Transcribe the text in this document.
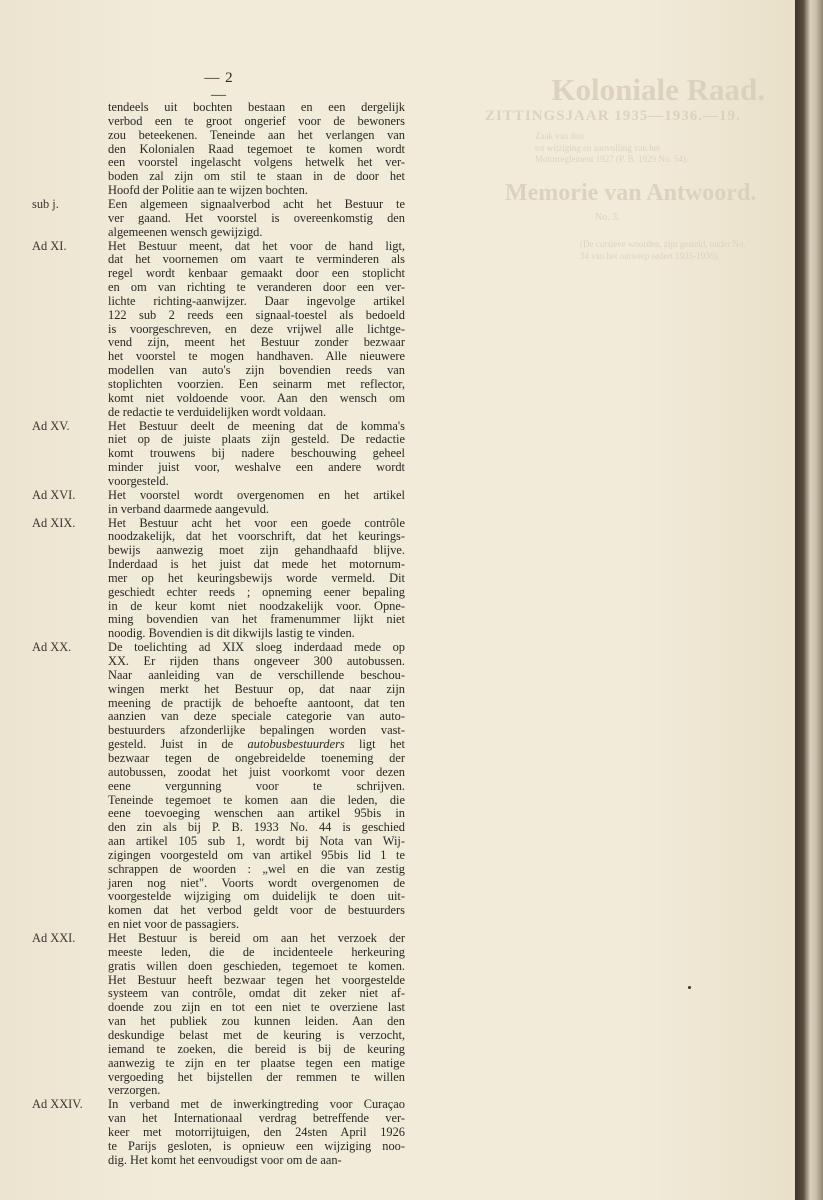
Koloniale Raad.
ZITTINGSJAAR 1935—1936.—19.
Zaak van den
tot wijziging en aanvulling van het
Motorreglement 1927 (P. B. 1929 No. 54).
Memorie van Antwoord.
No. 3.
(De cursieve woorden, zijn gesteld, onder No.
34 van het ontwerp sedert 1935-1936).
— 2 —
tendeels uit bochten bestaan en een dergelijk
verbod een te groot ongerief voor de bewoners
zou beteekenen. Teneinde aan het verlangen van
den Kolonialen Raad tegemoet te komen wordt
een voorstel ingelascht volgens hetwelk het ver-
boden zal zijn om stil te staan in de door het
Hoofd der Politie aan te wijzen bochten.
sub j.	Een algemeen signaalverbod acht het Bestuur te
ver gaand. Het voorstel is overeenkomstig den
algemeenen wensch gewijzigd.
Ad XI.	Het Bestuur meent, dat het voor de hand ligt,
dat het voornemen om vaart te verminderen als
regel wordt kenbaar gemaakt door een stoplicht
en om van richting te veranderen door een ver-
lichte richting-aanwijzer. Daar ingevolge artikel
122 sub 2 reeds een signaal-toestel als bedoeld
is voorgeschreven, en deze vrijwel alle lichtge-
vend zijn, meent het Bestuur zonder bezwaar
het voorstel te mogen handhaven. Alle nieuwere
modellen van auto's zijn bovendien reeds van
stoplichten voorzien. Een seinarm met reflector,
komt niet voldoende voor. Aan den wensch om
de redactie te verduidelijken wordt voldaan.
Ad XV.	Het Bestuur deelt de meening dat de komma's
niet op de juiste plaats zijn gesteld. De redactie
komt trouwens bij nadere beschouwing geheel
minder juist voor, weshalve een andere wordt
voorgesteld.
Ad XVI.	Het voorstel wordt overgenomen en het artikel
in verband daarmede aangevuld.
Ad XIX.	Het Bestuur acht het voor een goede contrôle
noodzakelijk, dat het voorschrift, dat het keurings-
bewijs aanwezig moet zijn gehandhaafd blijve.
Inderdaad is het juist dat mede het motornum-
mer op het keuringsbewijs worde vermeld. Dit
geschiedt echter reeds ; opneming eener bepaling
in de keur komt niet noodzakelijk voor. Opne-
ming bovendien van het framenummer lijkt niet
noodig. Bovendien is dit dikwijls lastig te vinden.
Ad XX.	De toelichting ad XIX sloeg inderdaad mede op
XX. Er rijden thans ongeveer 300 autobussen.
Naar aanleiding van de verschillende beschou-
wingen merkt het Bestuur op, dat naar zijn
meening de practijk de behoefte aantoont, dat ten
aanzien van deze speciale categorie van auto-
bestuurders afzonderlijke bepalingen worden vast-
gesteld. Juist in de autobusbestuurders ligt het
bezwaar tegen de ongebreidelde toeneming der
autobussen, zoodat het juist voorkomt voor dezen
eene vergunning voor te schrijven.
Teneinde tegemoet te komen aan die leden, die
eene toevoeging wenschen aan artikel 95bis in
den zin als bij P. B. 1933 No. 44 is geschied
aan artikel 105 sub 1, wordt bij Nota van Wij-
zigingen voorgesteld om van artikel 95bis lid 1 te
schrappen de woorden : „wel en die van zestig
jaren nog niet". Voorts wordt overgenomen de
voorgestelde wijziging om duidelijk te doen uit-
komen dat het verbod geldt voor de bestuurders
en niet voor de passagiers.
Ad XXI.	Het Bestuur is bereid om aan het verzoek der
meeste leden, die de incidenteele herkeuring
gratis willen doen geschieden, tegemoet te komen.
Het Bestuur heeft bezwaar tegen het voorgestelde
systeem van contrôle, omdat dit zeker niet af-
doende zou zijn en tot een niet te overziene last
van het publiek zou kunnen leiden. Aan den
deskundige belast met de keuring is verzocht,
iemand te zoeken, die bereid is bij de keuring
aanwezig te zijn en ter plaatse tegen een matige
vergoeding het bijstellen der remmen te willen
verzorgen.
Ad XXIV.	In verband met de inwerkingtreding voor Curaçao
van het Internationaal verdrag betreffende ver-
keer met motorrijtuigen, den 24sten April 1926
te Parijs gesloten, is opnieuw een wijziging noo-
dig. Het komt het eenvoudigst voor om de aan-
